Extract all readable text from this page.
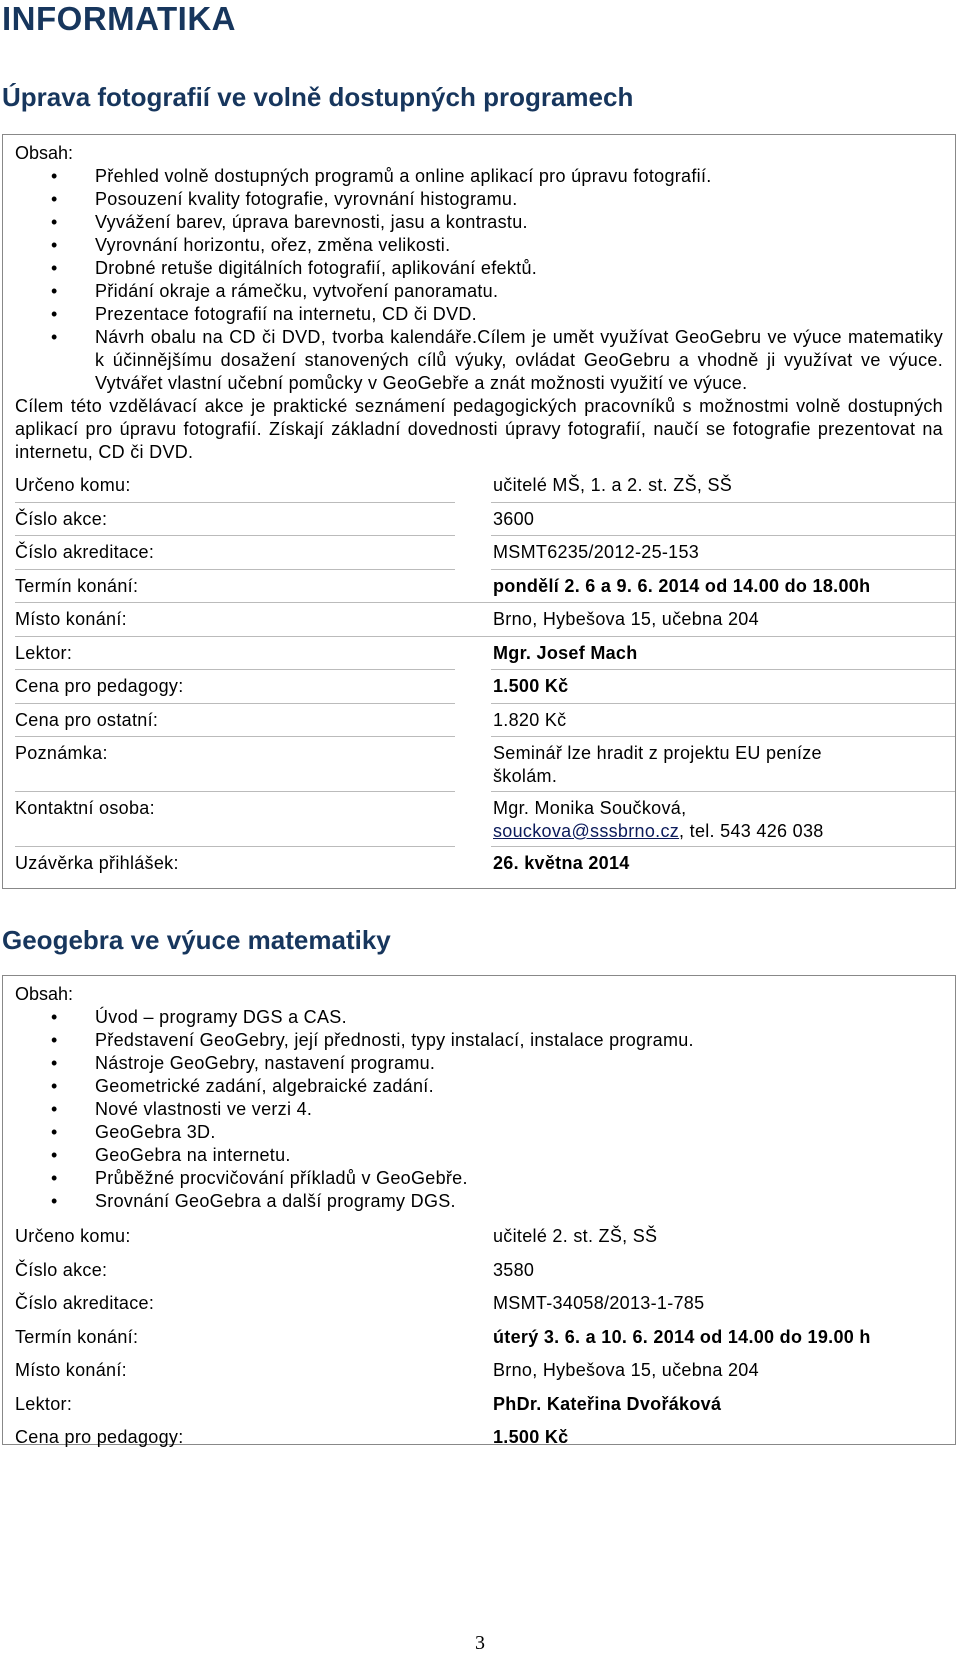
INFORMATIKA
Úprava fotografií ve volně dostupných programech

Obsah:

• Přehled volně dostupných programů a online aplikací pro úpravu fotografií.
• Posouzení kvality fotografie, vyrovnání histogramu.
• Vyvážení barev, úprava barevnosti, jasu a kontrastu.
• Vyrovnání horizontu, ořez, změna velikosti.
• Drobné retuše digitálních fotografií, aplikování efektů.
• Přidání okraje a rámečku, vytvoření panoramatu.
• Prezentace fotografií na internetu, CD či DVD.
• Návrh obalu na CD či DVD, tvorba kalendáře.Cílem je umět využívat GeoGebru ve výuce matematiky k účinnějšímu dosažení stanovených cílů výuky, ovládat GeoGebru a vhodně ji využívat ve výuce. Vytvářet vlastní učební pomůcky v GeoGebře a znát možnosti využití ve výuce.

Cílem této vzdělávací akce je praktické seznámení pedagogických pracovníků s možnostmi volně dostupných aplikací pro úpravu fotografií. Získají základní dovednosti úpravy fotografií, naučí se fotografie prezentovat na internetu, CD či DVD.

Určeno komu:	učitelé MŠ, 1. a 2. st. ZŠ, SŠ
Číslo akce:	3600
Číslo akreditace:	MSMT6235/2012-25-153
Termín konání:	pondělí 2. 6 a 9. 6. 2014 od 14.00 do 18.00h
Místo konání:	Brno, Hybešova 15, učebna 204
Lektor:	Mgr. Josef Mach
Cena pro pedagogy:	1.500 Kč
Cena pro ostatní:	1.820 Kč
Poznámka:	Seminář lze hradit z projektu EU peníze
školám.
Kontaktní osoba:	Mgr. Monika Součková,
souckova@sssbrno.cz, tel. 543 426 038
Uzávěrka přihlášek:	26. května 2014
Geogebra ve výuce matematiky

Obsah:

• Úvod – programy DGS a CAS.
• Představení GeoGebry, její přednosti, typy instalací, instalace programu.
• Nástroje GeoGebry, nastavení programu.
• Geometrické zadání, algebraické zadání.
• Nové vlastnosti ve verzi 4.
• GeoGebra 3D.
• GeoGebra na internetu.
• Průběžné procvičování příkladů v GeoGebře.
• Srovnání GeoGebra a další programy DGS.
Určeno komu:	učitelé 2. st. ZŠ, SŠ
Číslo akce:	3580
Číslo akreditace:	MSMT-34058/2013-1-785
Termín konání:	úterý 3. 6. a 10. 6. 2014 od 14.00 do 19.00 h
Místo konání:	Brno, Hybešova 15, učebna 204
Lektor:	PhDr. Kateřina Dvořáková
Cena pro pedagogy:	1.500 Kč
3
